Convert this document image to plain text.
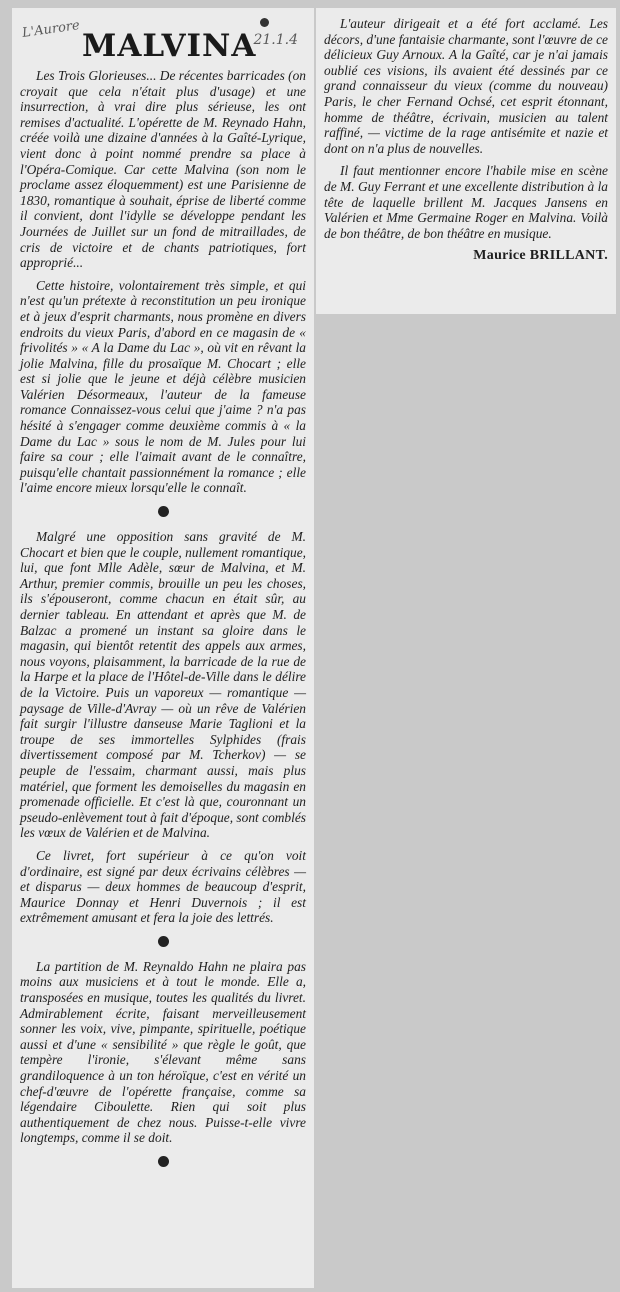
L'Aurore MALVINA
21.1.4

Les Trois Glorieuses... De récentes barricades (on croyait que cela n'était plus d'usage) et une insurrection, à vrai dire plus sérieuse, les ont remises d'actualité. L'opérette de M. Reynado Hahn, créée voilà une dizaine d'années à la Gaîté-Lyrique, vient donc à point nommé prendre sa place à l'Opéra-Comique. Car cette Malvina (son nom le proclame assez éloquemment) est une Parisienne de 1830, romantique à souhait, éprise de liberté comme il convient, dont l'idylle se développe pendant les Journées de Juillet sur un fond de mitraillades, de cris de victoire et de chants patriotiques, fort approprié...

Cette histoire, volontairement très simple, et qui n'est qu'un prétexte à reconstitution un peu ironique et à jeux d'esprit charmants, nous promène en divers endroits du vieux Paris, d'abord en ce magasin de « frivolités » « A la Dame du Lac », où vit en rêvant la jolie Malvina, fille du prosaïque M. Chocart ; elle est si jolie que le jeune et déjà célèbre musicien Valérien Désormeaux, l'auteur de la fameuse romance Connaissez-vous celui que j'aime ? n'a pas hésité à s'engager comme deuxième commis à « la Dame du Lac » sous le nom de M. Jules pour lui faire sa cour ; elle l'aimait avant de le connaître, puisqu'elle chantait passionnément la romance ; elle l'aime encore mieux lorsqu'elle le connaît.

Malgré une opposition sans gravité de M. Chocart et bien que le couple, nullement romantique, lui, que font Mlle Adèle, sœur de Malvina, et M. Arthur, premier commis, brouille un peu les choses, ils s'épouseront, comme chacun en était sûr, au dernier tableau. En attendant et après que M. de Balzac a promené un instant sa gloire dans le magasin, qui bientôt retentit des appels aux armes, nous voyons, plaisamment, la barricade de la rue de la Harpe et la place de l'Hôtel-de-Ville dans le délire de la Victoire. Puis un vaporeux — romantique — paysage de Ville-d'Avray — où un rêve de Valérien fait surgir l'illustre danseuse Marie Taglioni et la troupe de ses immortelles Sylphides (frais divertissement composé par M. Tcherkov) — se peuple de l'essaim, charmant aussi, mais plus matériel, que forment les demoiselles du magasin en promenade officielle. Et c'est là que, couronnant un pseudo-enlèvement tout à fait d'époque, sont comblés les vœux de Valérien et de Malvina.

Ce livret, fort supérieur à ce qu'on voit d'ordinaire, est signé par deux écrivains célèbres — et disparus — deux hommes de beaucoup d'esprit, Maurice Donnay et Henri Duvernois ; il est extrêmement amusant et fera la joie des lettrés.

La partition de M. Reynaldo Hahn ne plaira pas moins aux musiciens et à tout le monde. Elle a, transposées en musique, toutes les qualités du livret. Admirablement écrite, faisant merveilleusement sonner les voix, vive, pimpante, spirituelle, poétique aussi et d'une « sensibilité » que règle le goût, que tempère l'ironie, s'élevant même sans grandiloquence à un ton héroïque, c'est en vérité un chef-d'œuvre de l'opérette française, comme sa légendaire Ciboulette. Rien qui soit plus authentiquement de chez nous. Puisse-t-elle vivre longtemps, comme il se doit.

L'auteur dirigeait et a été fort acclamé. Les décors, d'une fantaisie charmante, sont l'œuvre de ce délicieux Guy Arnoux. A la Gaîté, car je n'ai jamais oublié ces visions, ils avaient été dessinés par ce grand connaisseur du vieux (comme du nouveau) Paris, le cher Fernand Ochsé, cet esprit étonnant, homme de théâtre, écrivain, musicien au talent raffiné, — victime de la rage antisémite et nazie et dont on n'a plus de nouvelles.

Il faut mentionner encore l'habile mise en scène de M. Guy Ferrant et une excellente distribution à la tête de laquelle brillent M. Jacques Jansens en Valérien et Mme Germaine Roger en Malvina. Voilà de bon théâtre, de bon théâtre en musique.

Maurice BRILLANT.
